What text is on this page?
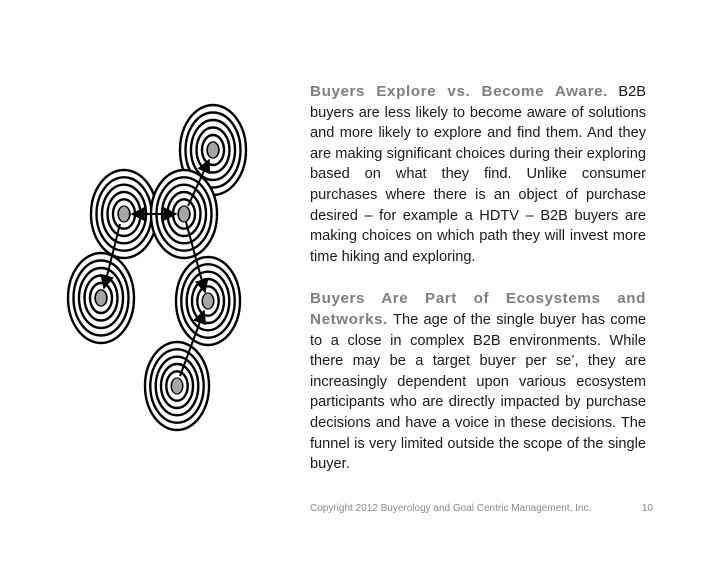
Buyers Explore vs. Become Aware. B2B buyers are less likely to become aware of solutions and more likely to explore and find them. And they are making significant choices during their exploring based on what they find. Unlike consumer purchases where there is an object of purchase desired – for example a HDTV – B2B buyers are making choices on which path they will invest more time hiking and exploring.

Buyers Are Part of Ecosystems and Networks. The age of the single buyer has come to a close in complex B2B environments. While there may be a target buyer per se’, they are increasingly dependent upon various ecosystem participants who are directly impacted by purchase decisions and have a voice in these decisions. The funnel is very limited outside the scope of the single buyer.

Copyright 2012 Buyerology and Goal Centric Management, Inc.	10
